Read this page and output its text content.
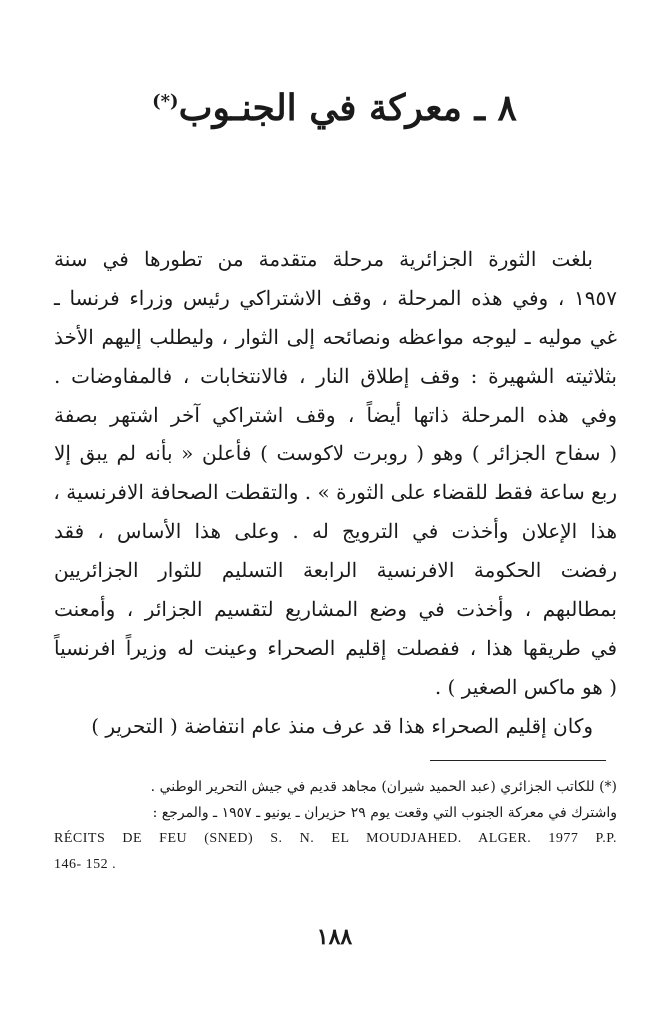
٨ ـ معركة في الجنـوب(*)
بلغت الثورة الجزائرية مرحلة متقدمة من تطورها في سنة
١٩٥٧ ، وفي هذه المرحلة ، وقف الاشتراكي رئيس وزراء فرنسا ـ
غي موليه ـ ليوجه مواعظه ونصائحه إلى الثوار ، وليطلب إليهم الأخذ
بثلاثيته الشهيرة : وقف إطلاق النار ، فالانتخابات ، فالمفاوضات .
وفي هذه المرحلة ذاتها أيضاً ، وقف اشتراكي آخر اشتهر بصفة
( سفاح الجزائر ) وهو ( روبرت لاكوست ) فأعلن « بأنه لم يبق إلا
ربع ساعة فقط للقضاء على الثورة » . والتقطت الصحافة الافرنسية ،
هذا الإعلان وأخذت في الترويج له . وعلى هذا الأساس ، فقد
رفضت الحكومة الافرنسية الرابعة التسليم للثوار الجزائريين
بمطالبهم ، وأخذت في وضع المشاريع لتقسيم الجزائر ، وأمعنت
في طريقها هذا ، ففصلت إقليم الصحراء وعينت له وزيراً افرنسياً
( هو ماكس الصغير ) .
وكان إقليم الصحراء هذا قد عرف منذ عام انتفاضة ( التحرير )
(*) للكاتب الجزائري (عبد الحميد شيران) مجاهد قديم في جيش التحرير الوطني .
واشترك في معركة الجنوب التي وقعت يوم ٢٩ حزيران ـ يونيو ـ ١٩٥٧ ـ والمرجع :
RÉCITS DE FEU (SNED) S. N. EL MOUDJAHED. ALGER. 1977 P.P.
146- 152 .
١٨٨
